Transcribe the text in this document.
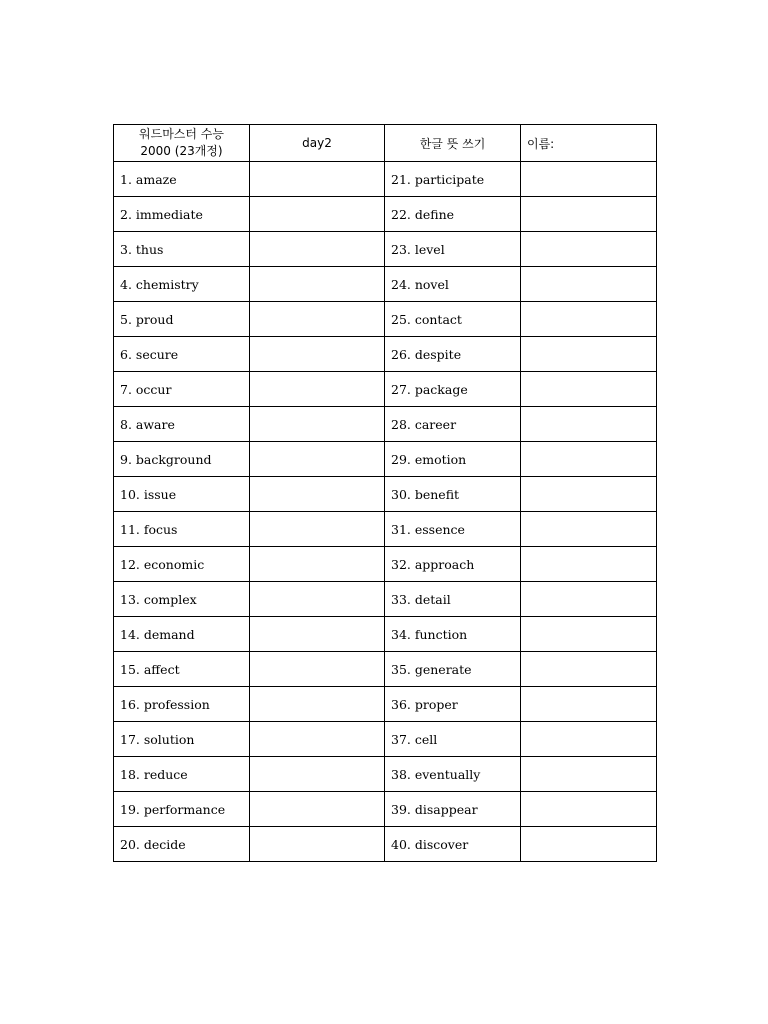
워드마스터 수능
2000 (23개정)	day2	한글 뜻 쓰기	이름:
1. amaze		21. participate	
2. immediate		22. define	
3. thus		23. level	
4. chemistry		24. novel	
5. proud		25. contact	
6. secure		26. despite	
7. occur		27. package	
8. aware		28. career	
9. background		29. emotion	
10. issue		30. benefit	
11. focus		31. essence	
12. economic		32. approach	
13. complex		33. detail	
14. demand		34. function	
15. affect		35. generate	
16. profession		36. proper	
17. solution		37. cell	
18. reduce		38. eventually	
19. performance		39. disappear	
20. decide		40. discover	
